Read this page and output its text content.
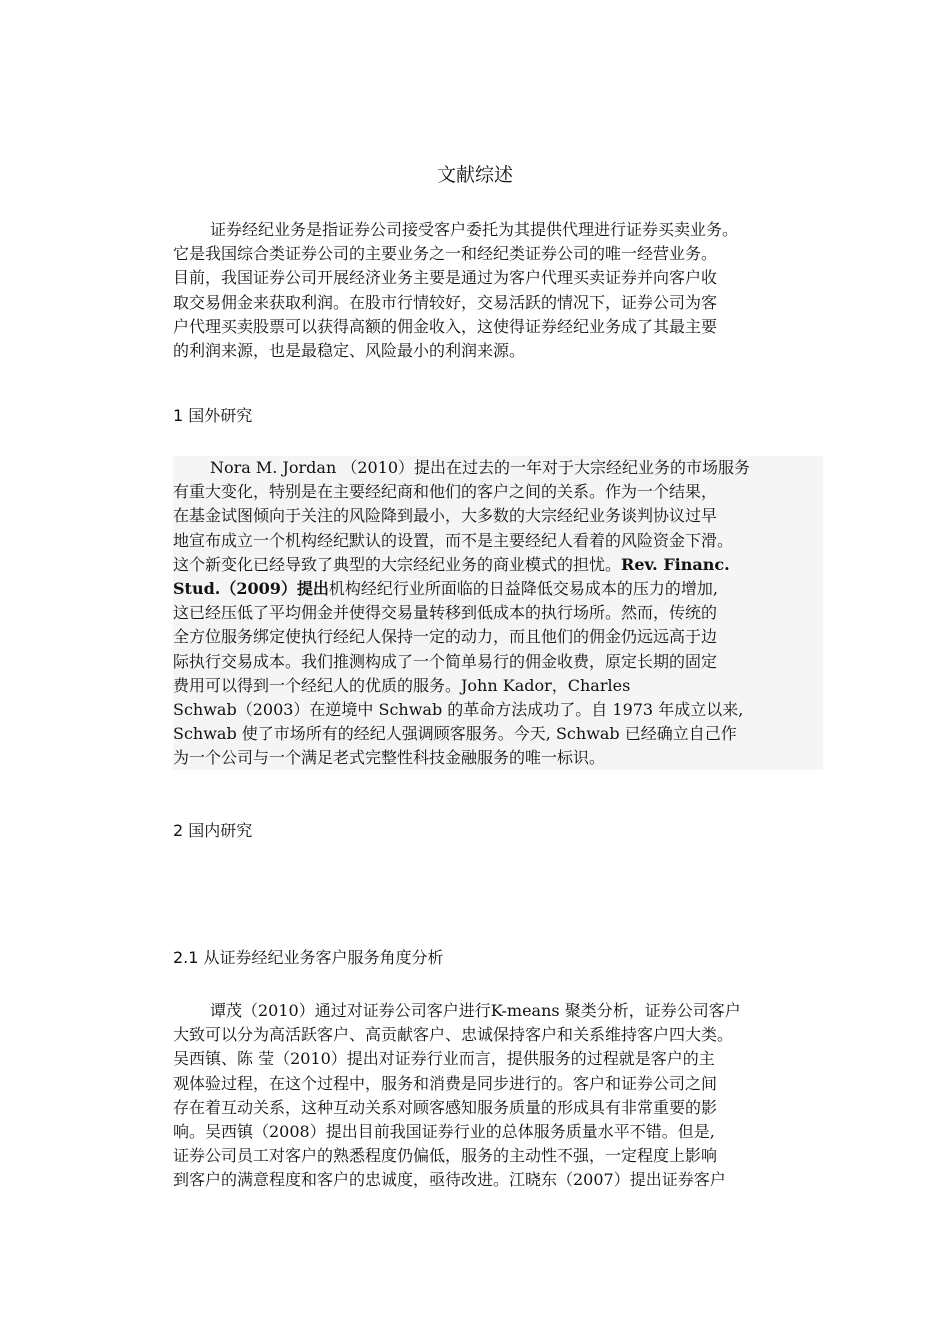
文献综述
证券经纪业务是指证券公司接受客户委托为其提供代理进行证券买卖业务。
它是我国综合类证券公司的主要业务之一和经纪类证券公司的唯一经营业务。
目前，我国证券公司开展经济业务主要是通过为客户代理买卖证券并向客户收
取交易佣金来获取利润。在股市行情较好，交易活跃的情况下，证券公司为客
户代理买卖股票可以获得高额的佣金收入，这使得证券经纪业务成了其最主要
的利润来源，也是最稳定、风险最小的利润来源。
1 国外研究
Nora M. Jordan （2010）提出在过去的一年对于大宗经纪业务的市场服务
有重大变化，特别是在主要经纪商和他们的客户之间的关系。作为一个结果，
在基金试图倾向于关注的风险降到最小，大多数的大宗经纪业务谈判协议过早
地宣布成立一个机构经纪默认的设置，而不是主要经纪人看着的风险资金下滑。
这个新变化已经导致了典型的大宗经纪业务的商业模式的担忧。Rev. Financ.
Stud.（2009）提出机构经纪行业所面临的日益降低交易成本的压力的增加,
这已经压低了平均佣金并使得交易量转移到低成本的执行场所。然而，传统的
全方位服务绑定使执行经纪人保持一定的动力，而且他们的佣金仍远远高于边
际执行交易成本。我们推测构成了一个简单易行的佣金收费，原定长期的固定
费用可以得到一个经纪人的优质的服务。John Kador，Charles
Schwab（2003）在逆境中 Schwab 的革命方法成功了。自 1973 年成立以来,
Schwab 使了市场所有的经纪人强调顾客服务。今天, Schwab 已经确立自己作
为一个公司与一个满足老式完整性科技金融服务的唯一标识。
2 国内研究
2.1 从证券经纪业务客户服务角度分析
谭茂（2010）通过对证券公司客户进行K-means 聚类分析，证券公司客户
大致可以分为高活跃客户、高贡献客户、忠诚保持客户和关系维持客户四大类。
吴西镇、陈 莹（2010）提出对证券行业而言，提供服务的过程就是客户的主
观体验过程，在这个过程中，服务和消费是同步进行的。客户和证券公司之间
存在着互动关系，这种互动关系对顾客感知服务质量的形成具有非常重要的影
响。吴西镇（2008）提出目前我国证券行业的总体服务质量水平不错。但是,
证券公司员工对客户的熟悉程度仍偏低，服务的主动性不强，一定程度上影响
到客户的满意程度和客户的忠诚度，亟待改进。江晓东（2007）提出证券客户
